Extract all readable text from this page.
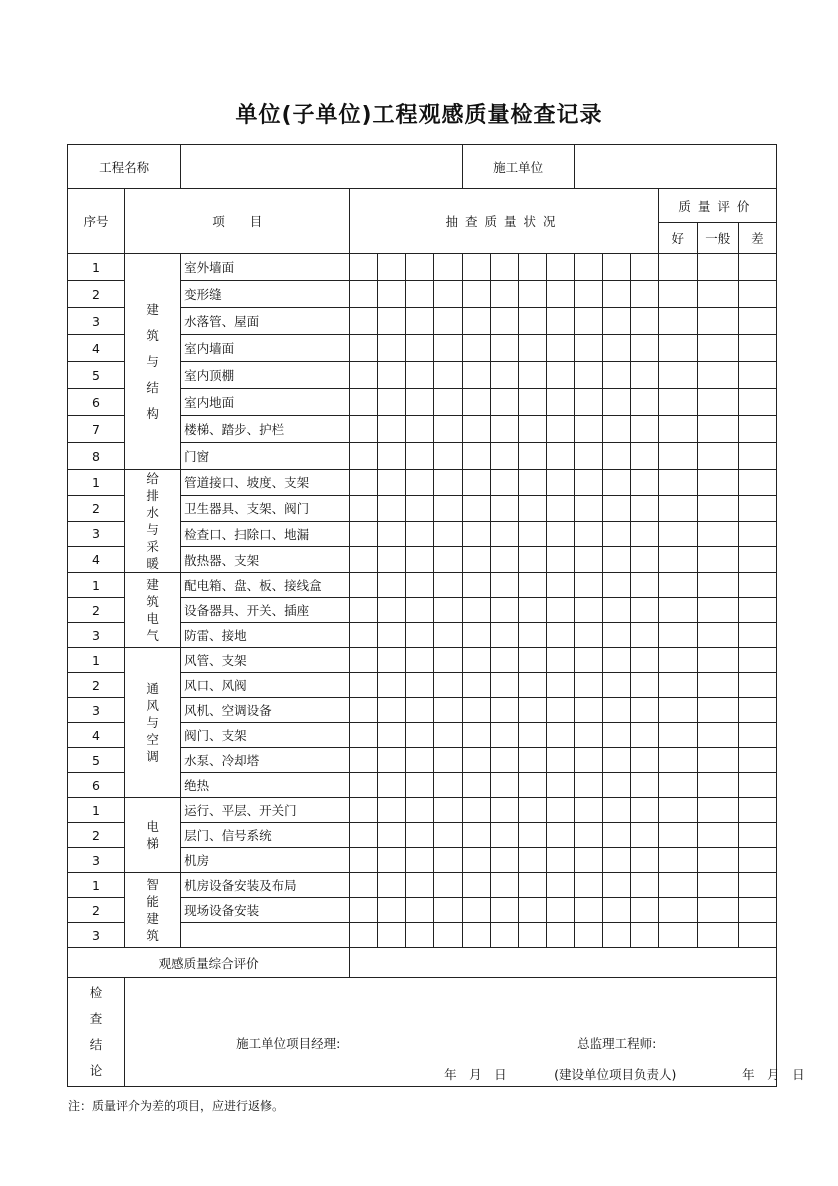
单位(子单位)工程观感质量检查记录
工程名称							施工单位									
序号	项　　目		抽查质量状况											质量评价		
														好	一般	差
1	建筑与结构	室外墙面														
2		变形缝														
3		水落管、屋面														
4		室内墙面														
5		室内顶棚														
6		室内地面														
7		楼梯、踏步、护栏														
8		门窗														
1	给排水与采暖	管道接口、坡度、支架														
2		卫生器具、支架、阀门														
3		检查口、扫除口、地漏														
4		散热器、支架														
1	建筑电气	配电箱、盘、板、接线盒														
2		设备器具、开关、插座														
3		防雷、接地														
1	通风与空调	风管、支架														
2		风口、风阀														
3		风机、空调设备														
4		阀门、支架														
5		水泵、冷却塔														
6		绝热														
1	电梯	运行、平层、开关门														
2		层门、信号系统														
3		机房														
1	智能建筑	机房设备安装及布局														
2		现场设备安装														
3																
观感质量综合评价																
检查结论	施工单位项目经理: 总监理工程师:
年　月　日 (建设单位项目负责人) 年　月　日															
注：质量评介为差的项目，应进行返修。
